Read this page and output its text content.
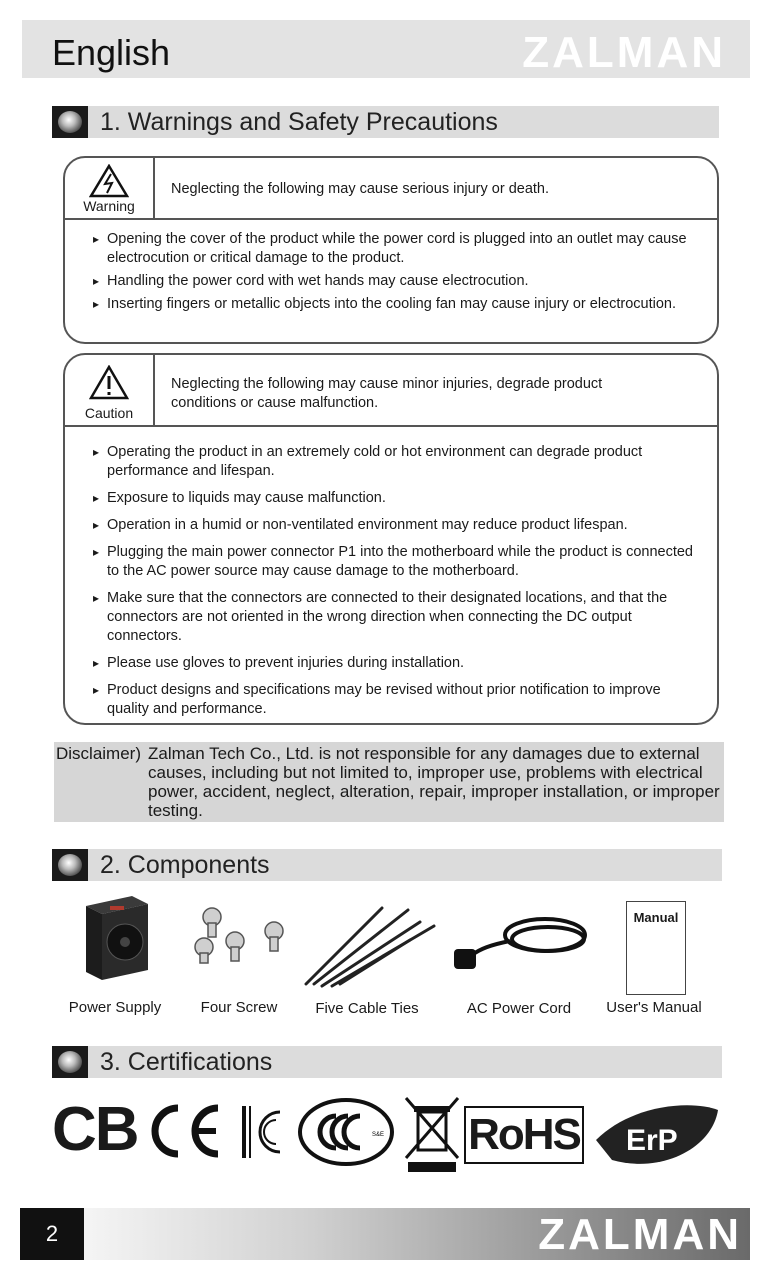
English	ZALMAN
1. Warnings and Safety Precautions
Warning
Neglecting the following may cause serious injury or death.
▸ Opening the cover of the product while the power cord is plugged into an outlet may cause electrocution or critical damage to the product.
▸ Handling the power cord with wet hands may cause electrocution.
▸ Inserting fingers or metallic objects into the cooling fan may cause injury or electrocution.
Caution
Neglecting the following may cause minor injuries, degrade product conditions or cause malfunction.
▸ Operating the product in an extremely cold or hot environment can degrade product performance and lifespan.
▸ Exposure to liquids may cause malfunction.
▸ Operation in a humid or non-ventilated environment may reduce product lifespan.
▸ Plugging the main power connector P1 into the motherboard while the product is connected to the AC power source may cause damage to the motherboard.
▸ Make sure that the connectors are connected to their designated locations, and that the connectors are not oriented in the wrong direction when connecting the DC output connectors.
▸ Please use gloves to prevent injuries during installation.
▸ Product designs and specifications may be revised without prior notification to improve quality and performance.
Disclaimer) Zalman Tech Co., Ltd. is not responsible for any damages due to external causes, including but not limited to, improper use, problems with electrical power, accident, neglect, alteration, repair, improper installation, or improper testing.
2. Components
Manual
Power Supply	Four Screw	Five Cable Ties	AC Power Cord	User's Manual
3. Certifications
CB	S&E RoHS ErP
READY
2	ZALMAN
